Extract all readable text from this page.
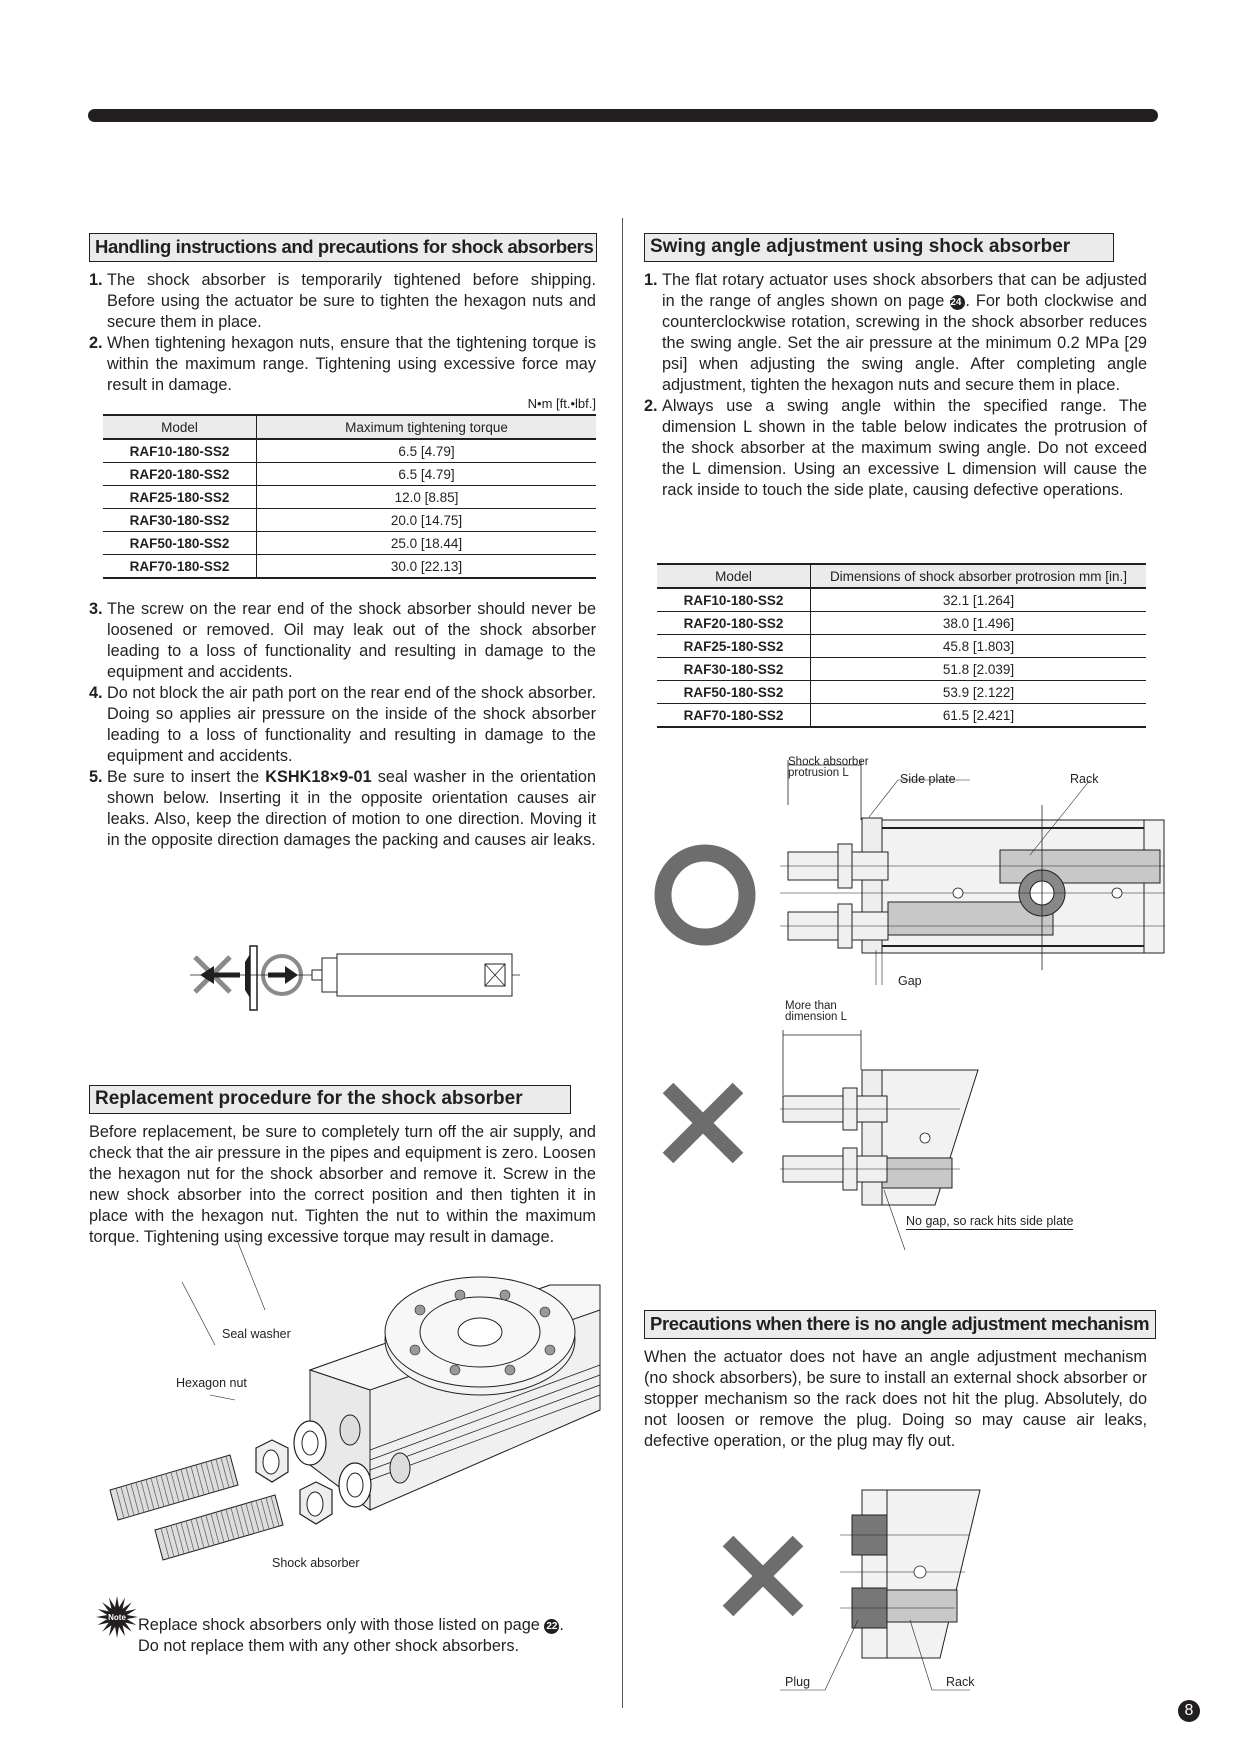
Handling instructions and precautions for shock absorbers
1. The shock absorber is temporarily tightened before shipping. Before using the actuator be sure to tighten the hexagon nuts and secure them in place.
2. When tightening hexagon nuts, ensure that the tightening torque is within the maximum range. Tightening using excessive force may result in damage.
N•m [ft.•lbf.]
Model	Maximum tightening torque
RAF10-180-SS2	6.5 [4.79]
RAF20-180-SS2	6.5 [4.79]
RAF25-180-SS2	12.0 [8.85]
RAF30-180-SS2	20.0 [14.75]
RAF50-180-SS2	25.0 [18.44]
RAF70-180-SS2	30.0 [22.13]
3. The screw on the rear end of the shock absorber should never be loosened or removed. Oil may leak out of the shock absorber leading to a loss of functionality and resulting in damage to the equipment and accidents.
4. Do not block the air path port on the rear end of the shock absorber. Doing so applies air pressure on the inside of the shock absorber leading to a loss of functionality and resulting in damage to the equipment and accidents.
5. Be sure to insert the KSHK18×9-01 seal washer in the orientation shown below. Inserting it in the opposite orientation causes air leaks. Also, keep the direction of motion to one direction. Moving it in the opposite direction damages the packing and causes air leaks.
Replacement procedure for the shock absorber
Before replacement, be sure to completely turn off the air supply, and check that the air pressure in the pipes and equipment is zero. Loosen the hexagon nut for the shock absorber and remove it. Screw in the new shock absorber into the correct position and then tighten it in place with the hexagon nut. Tighten the nut to within the maximum torque. Tightening using excessive torque may result in damage.
Seal washer
Hexagon nut
Shock absorber
Note Replace shock absorbers only with those listed on page 22 .
Do not replace them with any other shock absorbers.
Swing angle adjustment using shock absorber
1. The flat rotary actuator uses shock absorbers that can be adjusted in the range of angles shown on page 24 . For both clockwise and counterclockwise rotation, screwing in the shock absorber reduces the swing angle. Set the air pressure at the minimum 0.2 MPa [29 psi] when adjusting the swing angle. After completing angle adjustment, tighten the hexagon nuts and secure them in place.
2. Always use a swing angle within the specified range. The dimension L shown in the table below indicates the protrusion of the shock absorber at the maximum swing angle. Do not exceed the L dimension. Using an excessive L dimension will cause the rack inside to touch the side plate, causing defective operations.
Model	Dimensions of shock absorber protrosion mm [in.]
RAF10-180-SS2	32.1 [1.264]
RAF20-180-SS2	38.0 [1.496]
RAF25-180-SS2	45.8 [1.803]
RAF30-180-SS2	51.8 [2.039]
RAF50-180-SS2	53.9 [2.122]
RAF70-180-SS2	61.5 [2.421]
Shock absorber
protrusion L	Side plate	Rack
Gap
More than
dimension L
No gap, so rack hits side plate
Precautions when there is no angle adjustment mechanism
When the actuator does not have an angle adjustment mechanism (no shock absorbers), be sure to install an external shock absorber or stopper mechanism so the rack does not hit the plug. Absolutely, do not loosen or remove the plug. Doing so may cause air leaks, defective operation, or the plug may fly out.
Plug	Rack
8
